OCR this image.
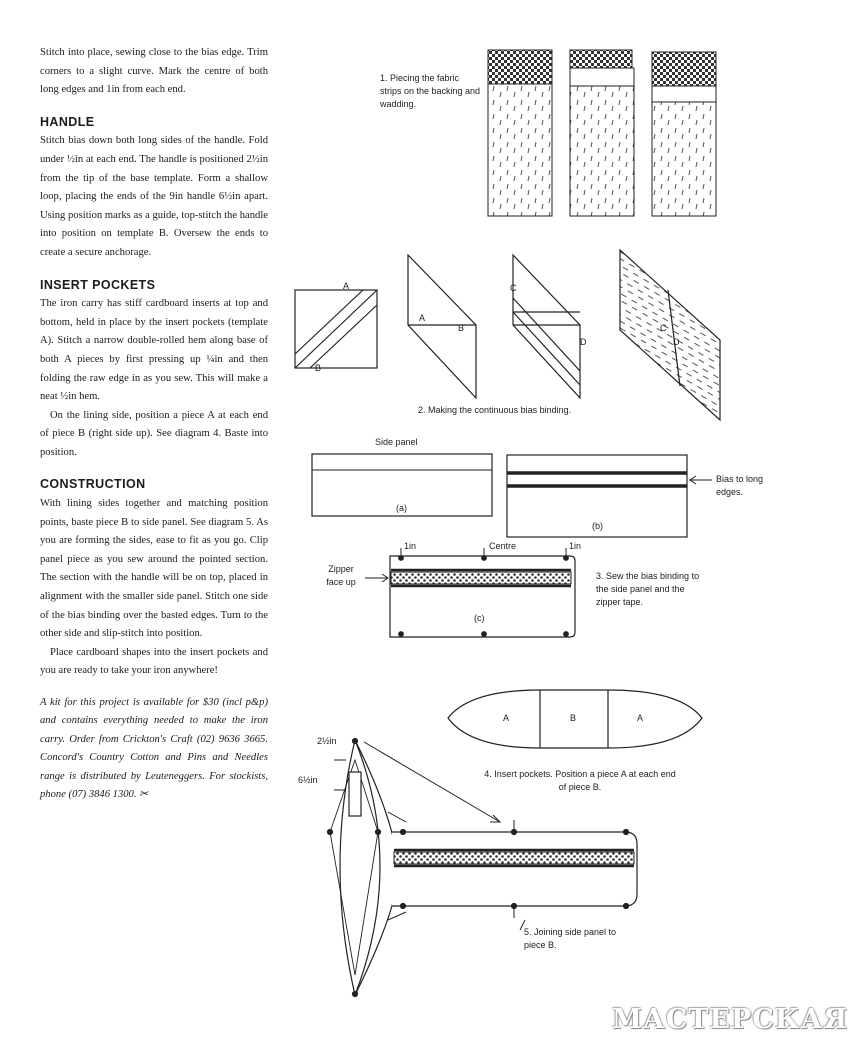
Stitch into place, sewing close to the bias edge. Trim corners to a slight curve. Mark the centre of both long edges and 1in from each end.

HANDLE

Stitch bias down both long sides of the handle. Fold under ½in at each end. The handle is positioned 2½in from the tip of the base template. Form a shallow loop, placing the ends of the 9in handle 6½in apart. Using position marks as a guide, top-stitch the handle into position on template B. Oversew the ends to create a secure anchorage.

INSERT POCKETS

The iron carry has stiff cardboard inserts at top and bottom, held in place by the insert pockets (template A). Stitch a narrow double-rolled hem along base of both A pieces by first pressing up ¼in and then folding the raw edge in as you sew. This will make a neat ½in hem.

On the lining side, position a piece A at each end of piece B (right side up). See diagram 4. Baste into position.

CONSTRUCTION

With lining sides together and matching position points, baste piece B to side panel. See diagram 5. As you are forming the sides, ease to fit as you go. Clip panel piece as you sew around the pointed section. The section with the handle will be on top, placed in alignment with the smaller side panel. Stitch one side of the bias binding over the basted edges. Turn to the other side and slip-stitch into position.

Place cardboard shapes into the insert pockets and you are ready to take your iron anywhere!

A kit for this project is available for $30 (incl p&p) and contains everything needed to make the iron carry. Order from Crickton's Craft (02) 9636 3665. Concord's Country Cotton and Pins and Needles range is distributed by Leuteneggers. For stockists, phone (07) 3846 1300. ✂

1. Piecing the fabric strips on the backing and wadding.
A
B
A
B
C
D
C
D
2. Making the continuous bias binding.
Side panel
(a)
(b)
Bias to long edges.
1in	Centre	1in
Zipper face up
(c)
3. Sew the bias binding to the side panel and the zipper tape.
A	B	A
4. Insert pockets. Position a piece A at each end of piece B.
2½in
6½in
5. Joining side panel to piece B.
МАСТЕРСКАЯ
